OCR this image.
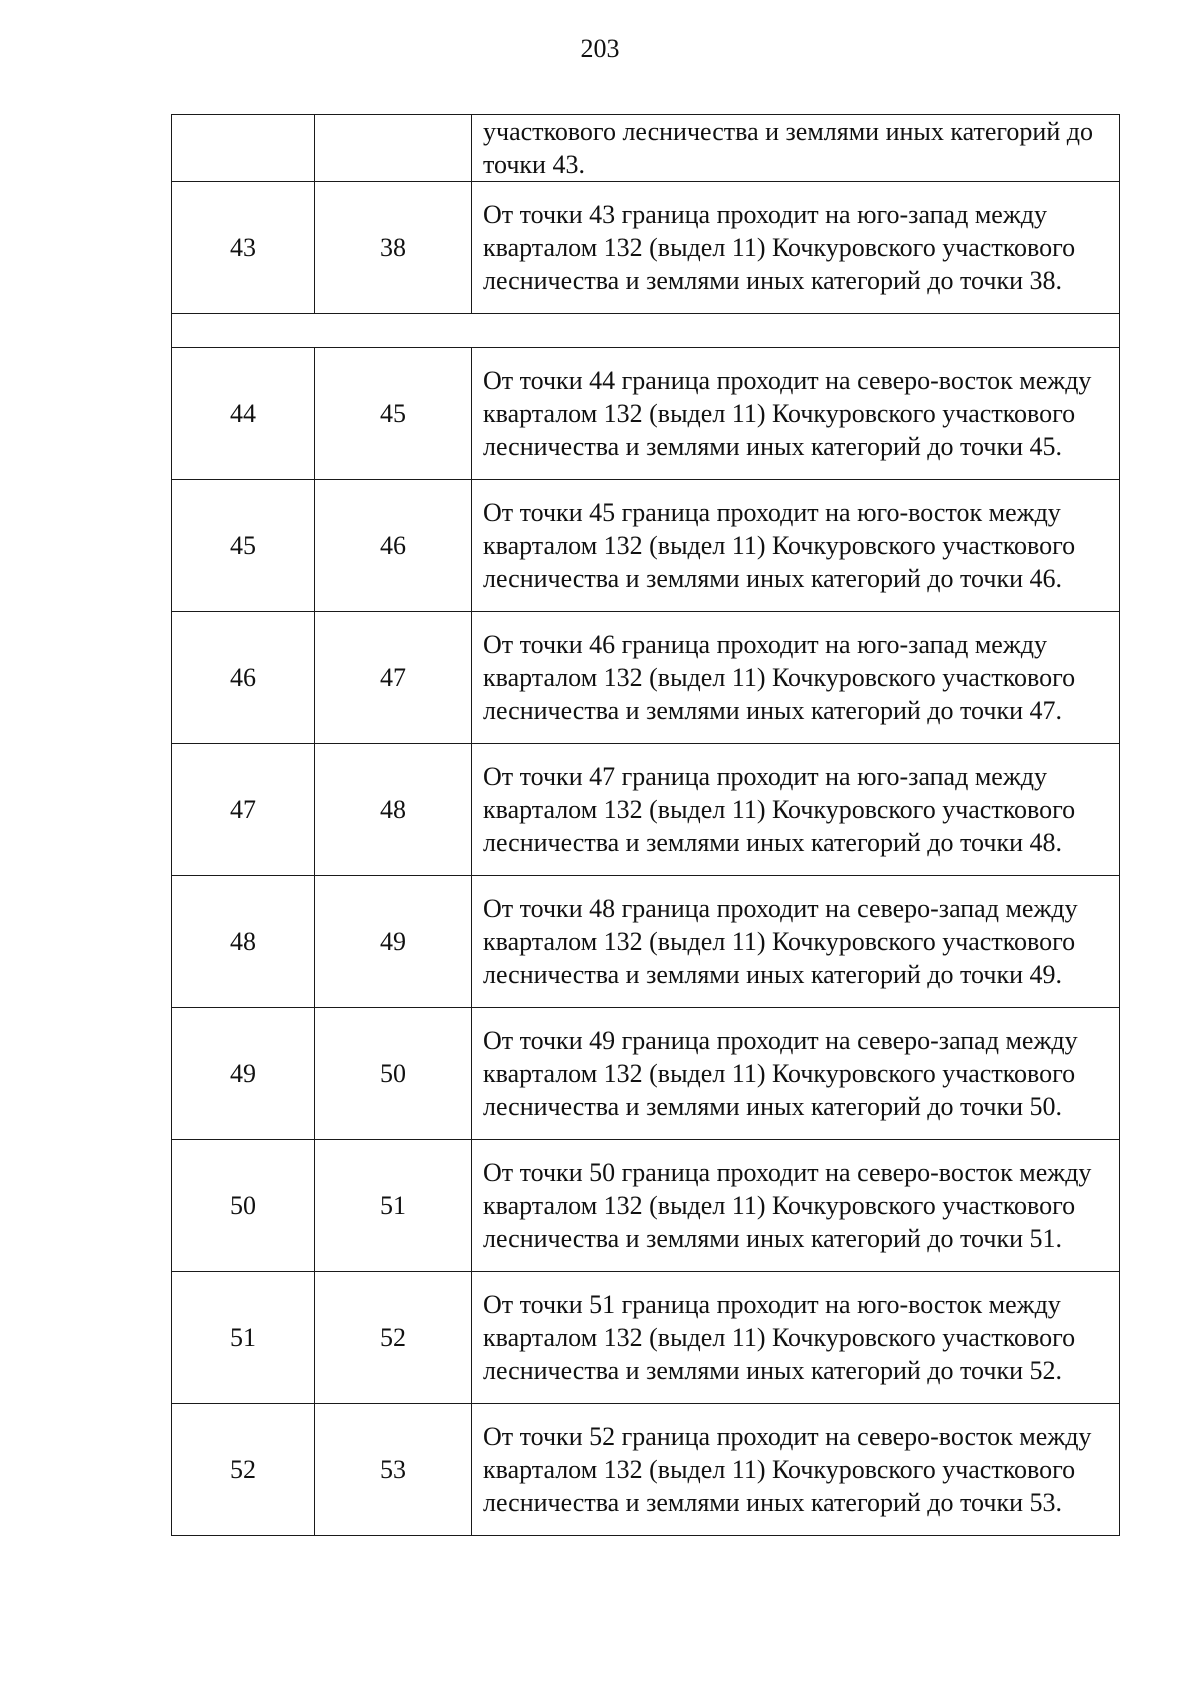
203
		участкового лесничества и землями иных категорий до точки 43.
43	38	От точки 43 граница проходит на юго-запад между кварталом 132 (выдел 11) Кочкуровского участкового лесничества и землями иных категорий до точки 38.

44	45	От точки 44 граница проходит на северо-восток между кварталом 132 (выдел 11) Кочкуровского участкового лесничества и землями иных категорий до точки 45.
45	46	От точки 45 граница проходит на юго-восток между кварталом 132 (выдел 11) Кочкуровского участкового лесничества и землями иных категорий до точки 46.
46	47	От точки 46 граница проходит на юго-запад между кварталом 132 (выдел 11) Кочкуровского участкового лесничества и землями иных категорий до точки 47.
47	48	От точки 47 граница проходит на юго-запад между кварталом 132 (выдел 11) Кочкуровского участкового лесничества и землями иных категорий до точки 48.
48	49	От точки 48 граница проходит на северо-запад между кварталом 132 (выдел 11) Кочкуровского участкового лесничества и землями иных категорий до точки 49.
49	50	От точки 49 граница проходит на северо-запад между кварталом 132 (выдел 11) Кочкуровского участкового лесничества и землями иных категорий до точки 50.
50	51	От точки 50 граница проходит на северо-восток между кварталом 132 (выдел 11) Кочкуровского участкового лесничества и землями иных категорий до точки 51.
51	52	От точки 51 граница проходит на юго-восток между кварталом 132 (выдел 11) Кочкуровского участкового лесничества и землями иных категорий до точки 52.
52	53	От точки 52 граница проходит на северо-восток между кварталом 132 (выдел 11) Кочкуровского участкового лесничества и землями иных категорий до точки 53.
